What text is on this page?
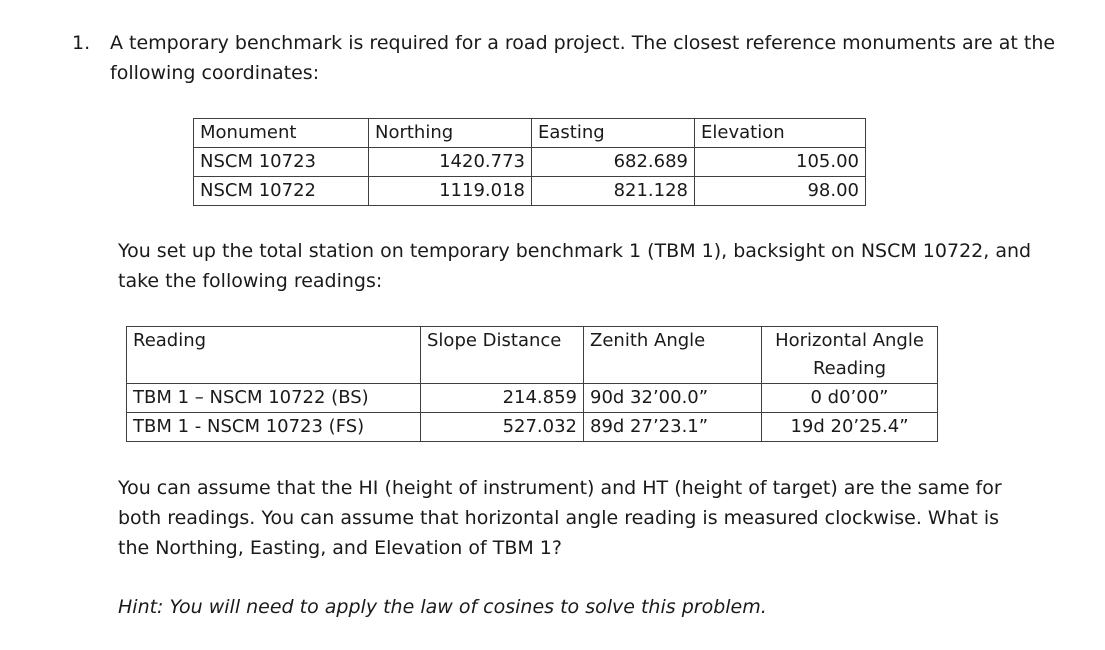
1. A temporary benchmark is required for a road project. The closest reference monuments are at the following coordinates:
Monument	Northing	Easting	Elevation
NSCM 10723	1420.773	682.689	105.00
NSCM 10722	1119.018	821.128	98.00
You set up the total station on temporary benchmark 1 (TBM 1), backsight on NSCM 10722, and take the following readings:
Reading	Slope Distance	Zenith Angle	Horizontal Angle Reading
TBM 1 – NSCM 10722 (BS)	214.859	90d 32’00.0”	0 d0’00”
TBM 1 - NSCM 10723 (FS)	527.032	89d 27’23.1”	19d 20’25.4”
You can assume that the HI (height of instrument) and HT (height of target) are the same for both readings. You can assume that horizontal angle reading is measured clockwise. What is the Northing, Easting, and Elevation of TBM 1?
Hint: You will need to apply the law of cosines to solve this problem.
